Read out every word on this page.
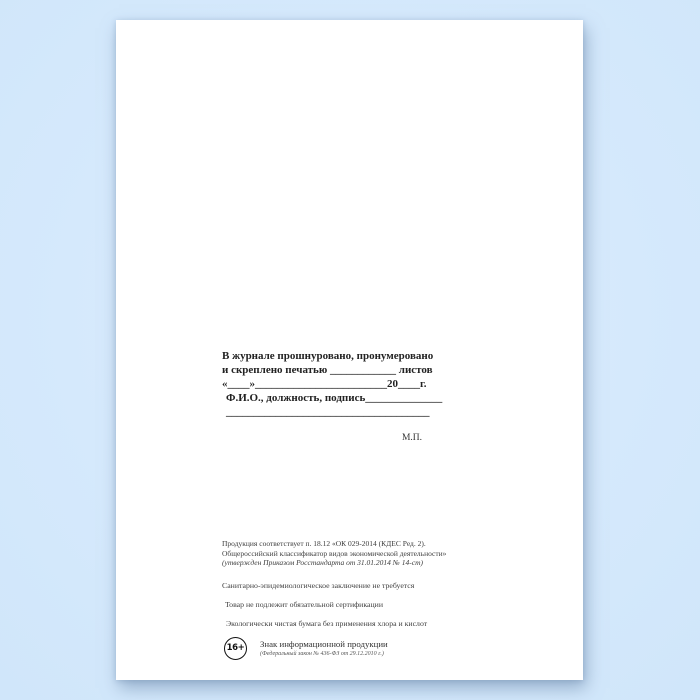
В журнале прошнуровано, пронумеровано
и скреплено печатью ____________ листов
«____»________________________20____г.
Ф.И.О., должность, подпись______________
_____________________________________
М.П.
Продукция соответствует п. 18.12 «ОК 029-2014 (КДЕС Ред. 2).
Общероссийский классификатор видов экономической деятельности»
(утвержден Приказом Росстандарта от 31.01.2014 № 14-ст)
Санитарно-эпидемиологическое заключение не требуется
Товар не подлежит обязательной сертификации
Экологически чистая бумага без применения хлора и кислот
16+ Знак информационной продукции
(Федеральный закон № 436-ФЗ от 29.12.2010 г.)
